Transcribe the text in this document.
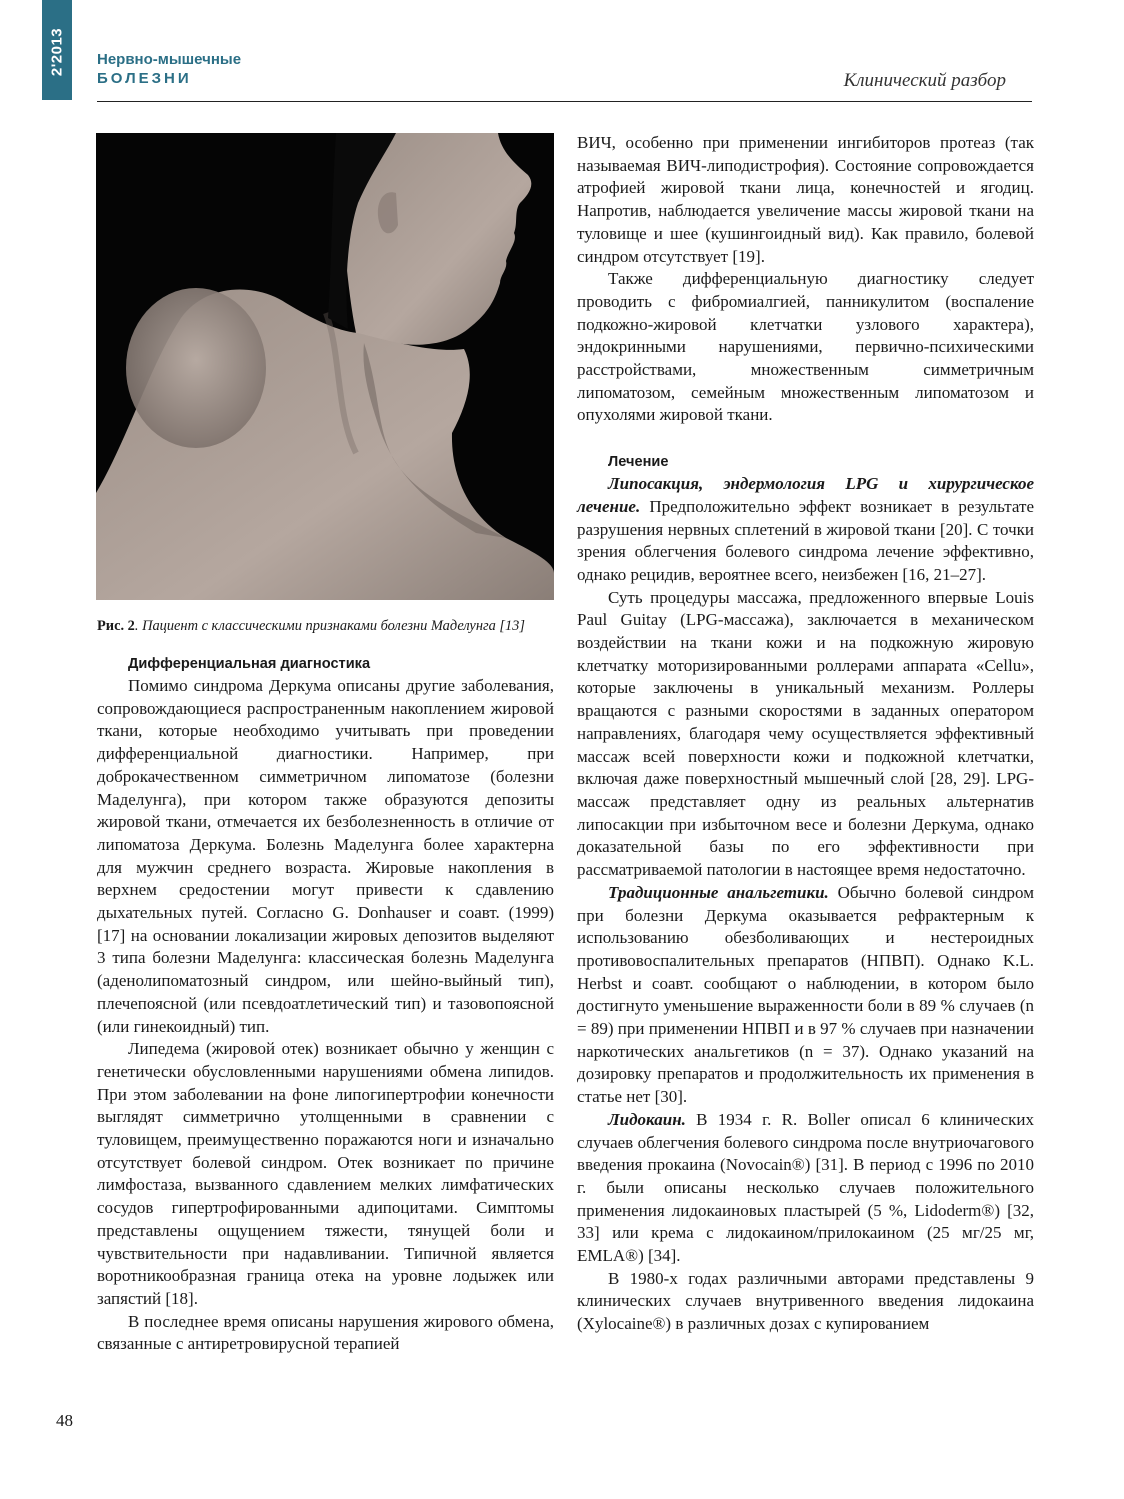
2'2013 Нервно-мышечные
БОЛЕЗНИ	Клинический разбор
Рис. 2. Пациент с классическими признаками болезни Маделунга [13]
Дифференциальная диагностика

Помимо синдрома Деркума описаны другие заболевания, сопровождающиеся распространенным накоплением жировой ткани, которые необходимо учитывать при проведении дифференциальной диагностики. Например, при доброкачественном симметричном липоматозе (болезни Маделунга), при котором также образуются депозиты жировой ткани, отмечается их безболезненность в отличие от липоматоза Деркума. Болезнь Маделунга более характерна для мужчин среднего возраста. Жировые накопления в верхнем средостении могут привести к сдавлению дыхательных путей. Согласно G. Donhauser и соавт. (1999) [17] на основании локализации жировых депозитов выделяют 3 типа болезни Маделунга: классическая болезнь Маделунга (аденолипоматозный синдром, или шейно-выйный тип), плечепоясной (или псевдоатлетический тип) и тазовопоясной (или гинекоидный) тип.

Липедема (жировой отек) возникает обычно у женщин с генетически обусловленными нарушениями обмена липидов. При этом заболевании на фоне липогипертрофии конечности выглядят симметрично утолщенными в сравнении с туловищем, преимущественно поражаются ноги и изначально отсутствует болевой синдром. Отек возникает по причине лимфостаза, вызванного сдавлением мелких лимфатических сосудов гипертрофированными адипоцитами. Симптомы представлены ощущением тяжести, тянущей боли и чувствительности при надавливании. Типичной является воротникообразная граница отека на уровне лодыжек или запястий [18].

В последнее время описаны нарушения жирового обмена, связанные с антиретровирусной терапией

ВИЧ, особенно при применении ингибиторов протеаз (так называемая ВИЧ-липодистрофия). Состояние сопровождается атрофией жировой ткани лица, конечностей и ягодиц. Напротив, наблюдается увеличение массы жировой ткани на туловище и шее (кушингоидный вид). Как правило, болевой синдром отсутствует [19].

Также дифференциальную диагностику следует проводить с фибромиалгией, панникулитом (воспаление подкожно-жировой клетчатки узлового характера), эндокринными нарушениями, первично-психическими расстройствами, множественным симметричным липоматозом, семейным множественным липоматозом и опухолями жировой ткани.

Лечение

Липосакция, эндермология LPG и хирургическое лечение. Предположительно эффект возникает в результате разрушения нервных сплетений в жировой ткани [20]. С точки зрения облегчения болевого синдрома лечение эффективно, однако рецидив, вероятнее всего, неизбежен [16, 21–27].

Суть процедуры массажа, предложенного впервые Louis Paul Guitay (LPG-массажа), заключается в механическом воздействии на ткани кожи и на подкожную жировую клетчатку моторизированными роллерами аппарата «Cellu», которые заключены в уникальный механизм. Роллеры вращаются с разными скоростями в заданных оператором направлениях, благодаря чему осуществляется эффективный массаж всей поверхности кожи и подкожной клетчатки, включая даже поверхностный мышечный слой [28, 29]. LPG-массаж представляет одну из реальных альтернатив липосакции при избыточном весе и болезни Деркума, однако доказательной базы по его эффективности при рассматриваемой патологии в настоящее время недостаточно.

Традиционные анальгетики. Обычно болевой синдром при болезни Деркума оказывается рефрактерным к использованию обезболивающих и нестероидных противовоспалительных препаратов (НПВП). Однако K.L. Herbst и соавт. сообщают о наблюдении, в котором было достигнуто уменьшение выраженности боли в 89 % случаев (n = 89) при применении НПВП и в 97 % случаев при назначении наркотических анальгетиков (n = 37). Однако указаний на дозировку препаратов и продолжительность их применения в статье нет [30].

Лидокаин. В 1934 г. R. Boller описал 6 клинических случаев облегчения болевого синдрома после внутриочагового введения прокаина (Novocain®) [31]. В период с 1996 по 2010 г. были описаны несколько случаев положительного применения лидокаиновых пластырей (5 %, Lidoderm®) [32, 33] или крема с лидокаином/прилокаином (25 мг/25 мг, EMLA®) [34].

В 1980-х годах различными авторами представлены 9 клинических случаев внутривенного введения лидокаина (Xylocaine®) в различных дозах с купированием

48
